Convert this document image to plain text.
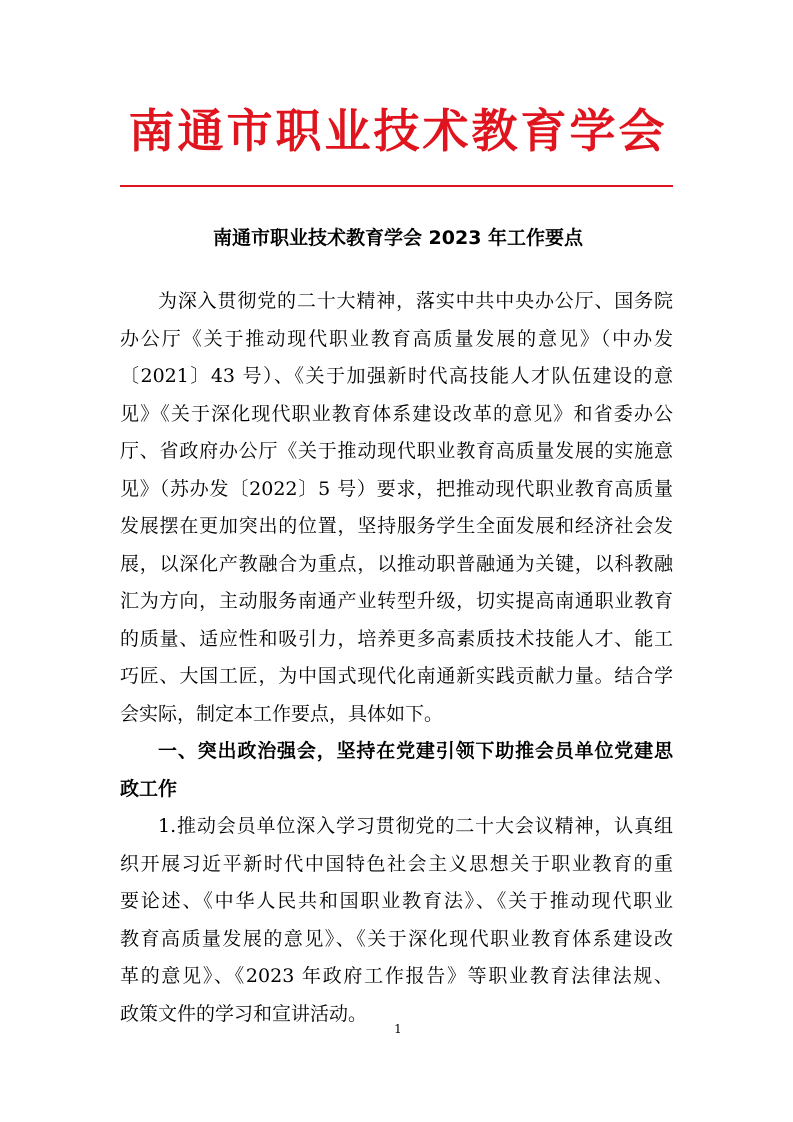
南通市职业技术教育学会
南通市职业技术教育学会 2023 年工作要点
为深入贯彻党的二十大精神，落实中共中央办公厅、国务院
办公厅《关于推动现代职业教育高质量发展的意见》（中办发
〔2021〕43 号）、《关于加强新时代高技能人才队伍建设的意
见》《关于深化现代职业教育体系建设改革的意见》和省委办公
厅、省政府办公厅《关于推动现代职业教育高质量发展的实施意
见》（苏办发〔2022〕5 号）要求，把推动现代职业教育高质量
发展摆在更加突出的位置，坚持服务学生全面发展和经济社会发
展，以深化产教融合为重点，以推动职普融通为关键，以科教融
汇为方向，主动服务南通产业转型升级，切实提高南通职业教育
的质量、适应性和吸引力，培养更多高素质技术技能人才、能工
巧匠、大国工匠，为中国式现代化南通新实践贡献力量。结合学
会实际，制定本工作要点，具体如下。
一、突出政治强会，坚持在党建引领下助推会员单位党建思
政工作
1.推动会员单位深入学习贯彻党的二十大会议精神，认真组
织开展习近平新时代中国特色社会主义思想关于职业教育的重
要论述、《中华人民共和国职业教育法》、《关于推动现代职业
教育高质量发展的意见》、《关于深化现代职业教育体系建设改
革的意见》、《2023 年政府工作报告》等职业教育法律法规、
政策文件的学习和宣讲活动。
1
